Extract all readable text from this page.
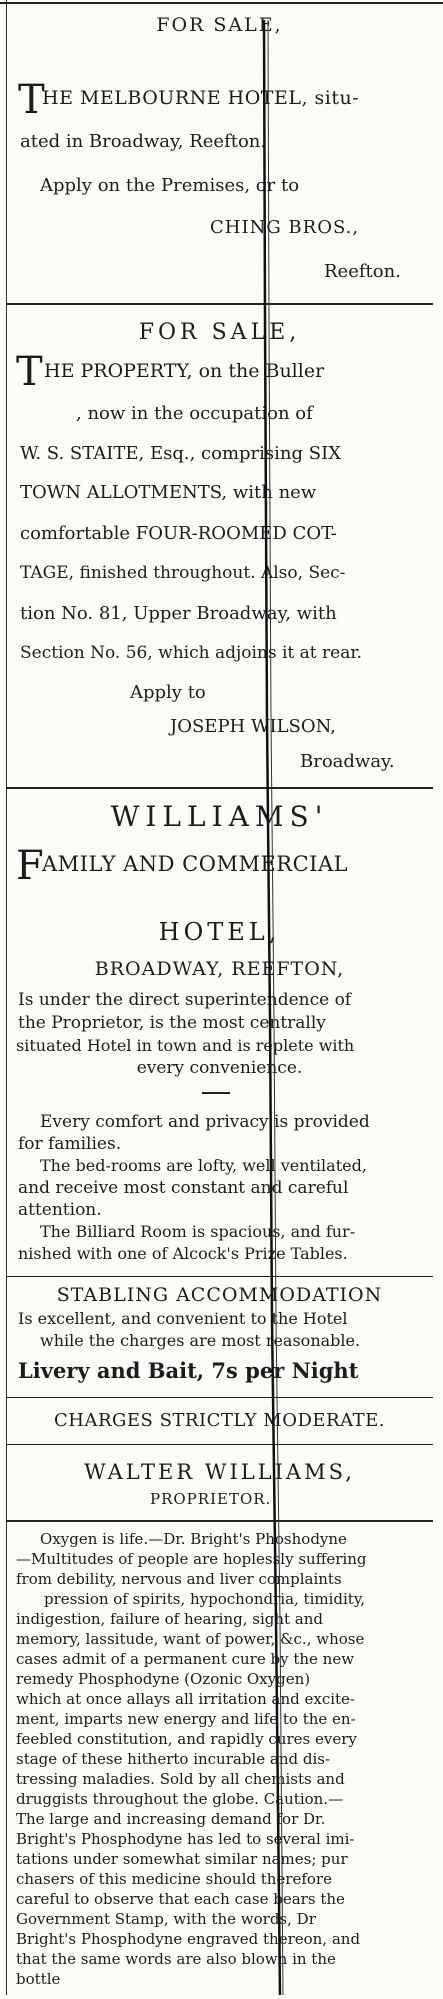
FOR SALE,
T
HE MELBOURNE HOTEL, situ-
ated in Broadway, Reefton.
Apply on the Premises, or to
CHING BROS.,
Reefton.
FOR SALE,
T HE PROPERTY, on the Buller
, now in the occupation of
W. S. STAITE, Esq., comprising SIX
TOWN ALLOTMENTS, with new
comfortable FOUR-ROOMED COT-
TAGE, finished throughout. Also, Sec-
tion No. 81, Upper Broadway, with
Section No. 56, which adjoins it at rear.
Apply to
JOSEPH WILSON,
Broadway.
WILLIAMS'
F
AMILY AND COMMERCIAL
HOTEL,
BROADWAY, REEFTON,
Is under the direct superintendence of
the Proprietor, is the most centrally
situated Hotel in town and is replete with
every convenience.
Every comfort and privacy is provided
for families.
The bed-rooms are lofty, well ventilated,
and receive most constant and careful
attention.
The Billiard Room is spacious, and fur-
nished with one of Alcock's Prize Tables.
STABLING ACCOMMODATION
Is excellent, and convenient to the Hotel
while the charges are most reasonable.
Livery and Bait, 7s per Night
CHARGES STRICTLY MODERATE.
WALTER WILLIAMS,
PROPRIETOR.
Oxygen is life.—Dr. Bright's Phoshodyne
—Multitudes of people are hoplessly suffering
from debility, nervous and liver complaints
pression of spirits, hypochondria, timidity,
indigestion, failure of hearing, sight and
memory, lassitude, want of power, &c., whose
cases admit of a permanent cure by the new
remedy Phosphodyne (Ozonic Oxygen)
which at once allays all irritation and excite-
ment, imparts new energy and life to the en-
feebled constitution, and rapidly cures every
stage of these hitherto incurable and dis-
tressing maladies. Sold by all chemists and
druggists throughout the globe. Caution.—
The large and increasing demand for Dr.
Bright's Phosphodyne has led to several imi-
tations under somewhat similar names; pur
chasers of this medicine should therefore
careful to observe that each case bears the
Government Stamp, with the words, Dr
Bright's Phosphodyne engraved thereon, and
that the same words are also blown in the
bottle
